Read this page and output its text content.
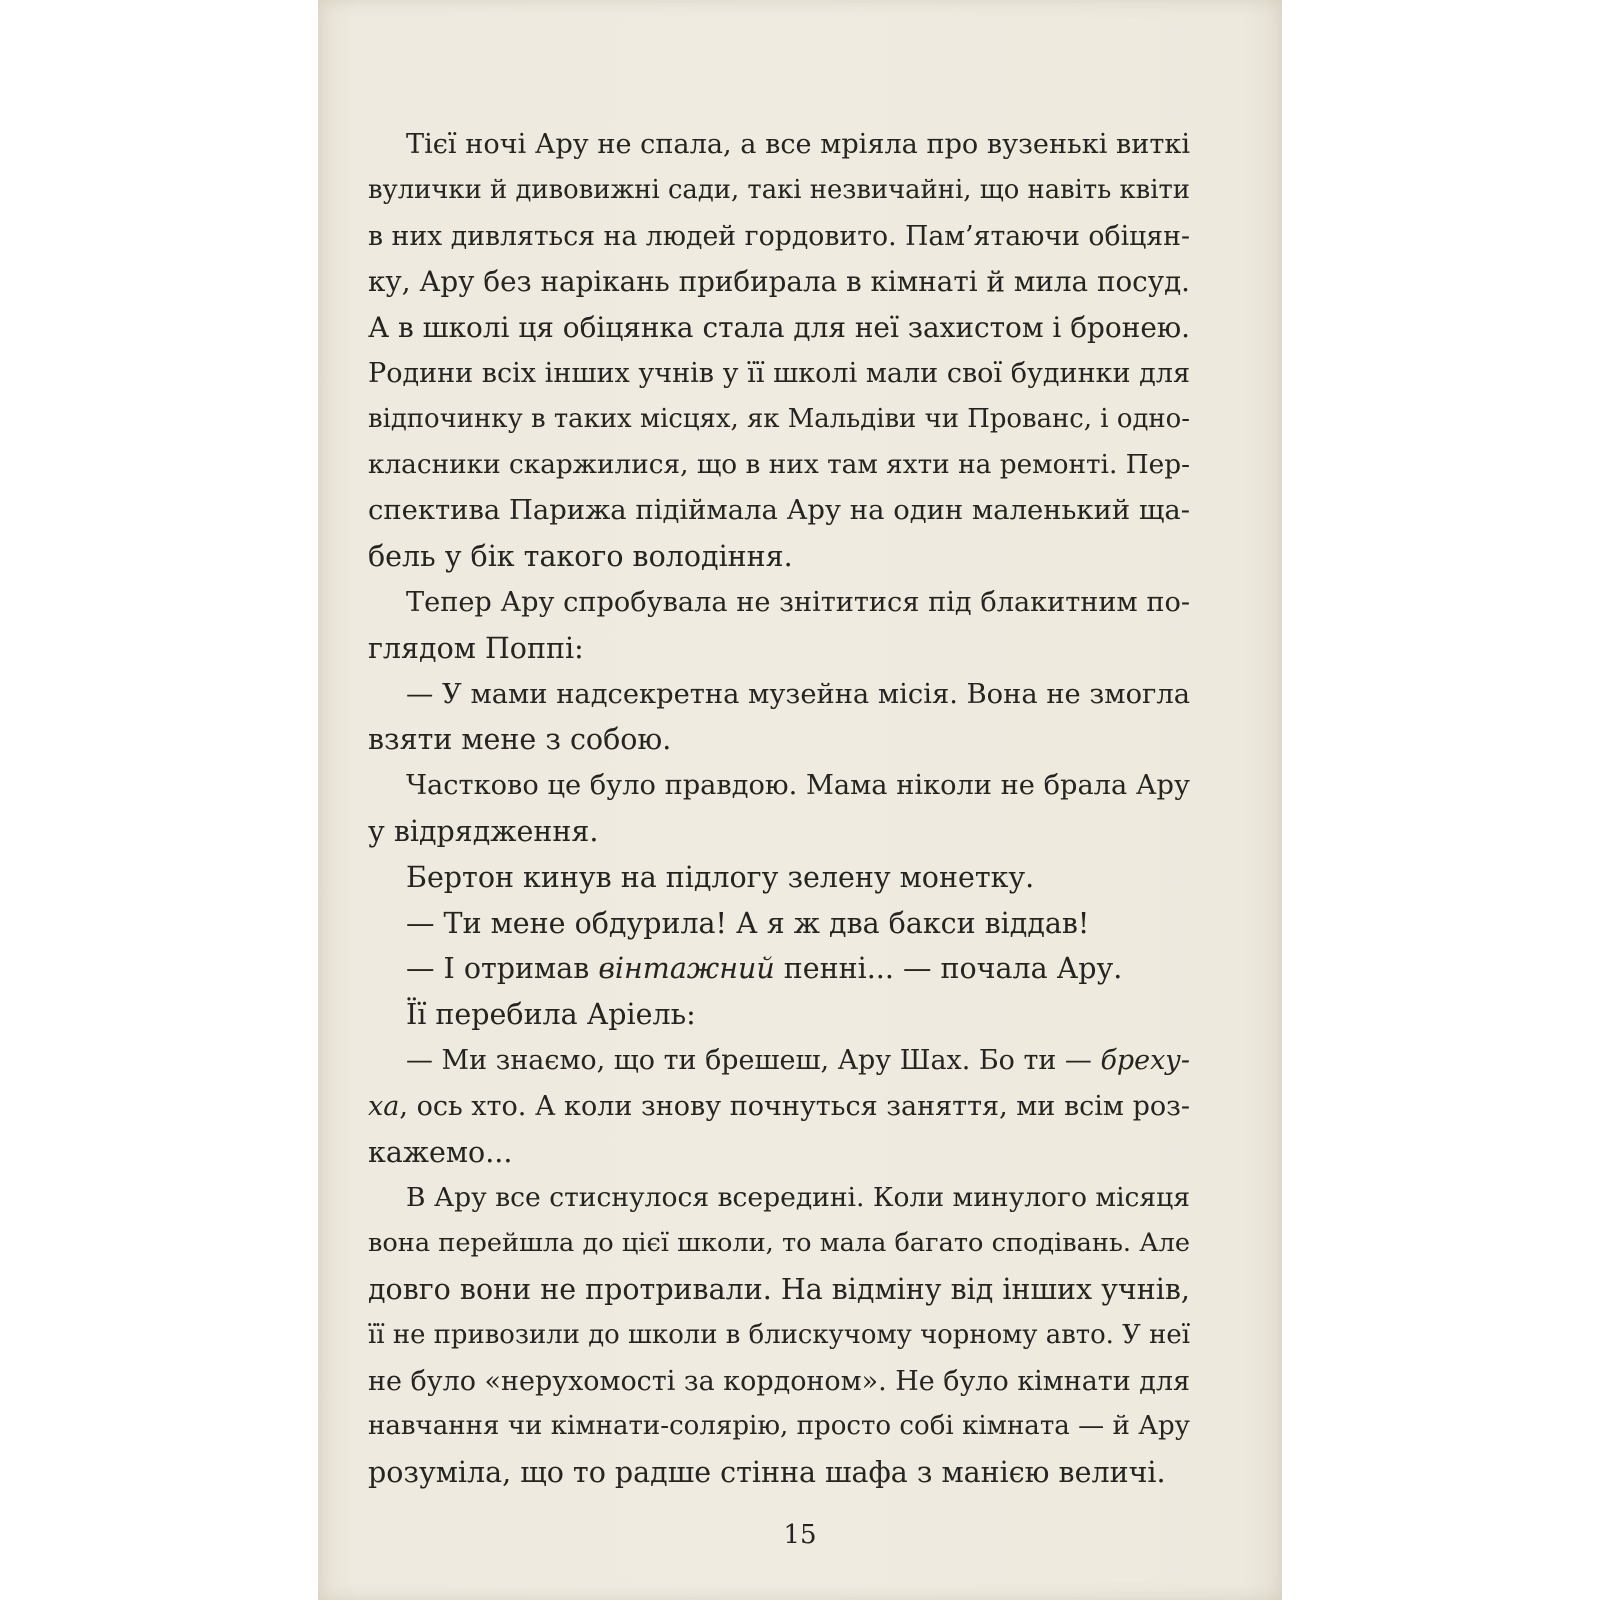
Тієї ночі Ару не спала, а все мріяла про вузенькі виткі
вулички й дивовижні сади, такі незвичайні, що навіть квіти
в них дивляться на людей гордовито. Пам’ятаючи обіцян-
ку, Ару без нарікань прибирала в кімнаті й мила посуд.
А в школі ця обіцянка стала для неї захистом і бронею.
Родини всіх інших учнів у її школі мали свої будинки для
відпочинку в таких місцях, як Мальдіви чи Прованс, і одно-
класники скаржилися, що в них там яхти на ремонті. Пер-
спектива Парижа підіймала Ару на один маленький щa-
бель у бік такого володіння.
Тепер Ару спробувала не знітитися під блакитним по-
глядом Поппі:
— У мами надсекретна музейна місія. Вона не змогла
взяти мене з собою.
Частково це було правдою. Мама ніколи не брала Ару
у відрядження.
Бертон кинув на підлогу зелену монетку.
— Ти мене обдурила! А я ж два бакси віддав!
— І отримав вінтажний пенні... — почала Ару.
Її перебила Аріель:
— Ми знаємо, що ти брешеш, Ару Шах. Бо ти — бреху-
ха, ось хто. А коли знову почнуться заняття, ми всім роз-
кажемо...
В Ару все стиснулося всередині. Коли минулого місяця
вона перейшла до цієї школи, то мала багато сподівань. Але
довго вони не протривали. На відміну від інших учнів,
її не привозили до школи в блискучому чорному авто. У неї
не було «нерухомості за кордоном». Не було кімнати для
навчання чи кімнати-солярію, просто собі кімната — й Ару
розуміла, що то радше стінна шафа з манією величі.
15
